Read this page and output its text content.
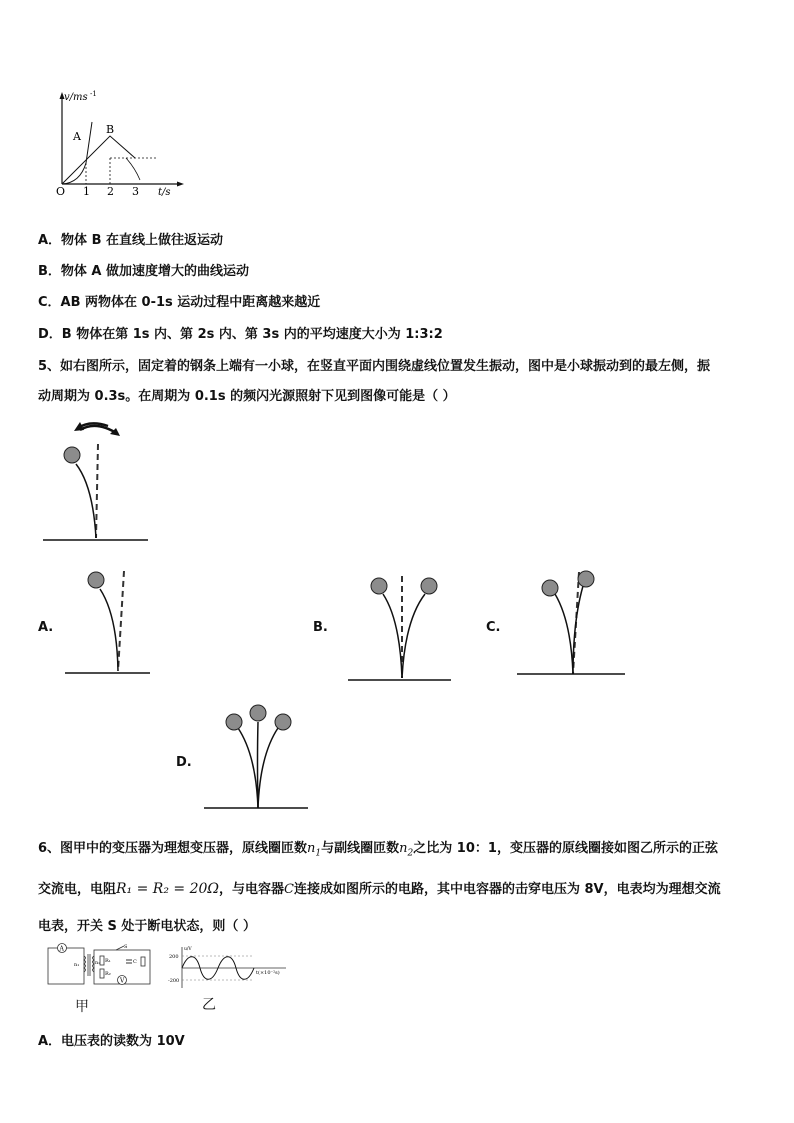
v/ms -1
A
B
O 1 2 3 t/s
A．物体 B 在直线上做往返运动
B．物体 A 做加速度增大的曲线运动
C．AB 两物体在 0-1s 运动过程中距离越来越近
D．B 物体在第 1s 内、第 2s 内、第 3s 内的平均速度大小为 1:3:2
5、如右图所示，固定着的钢条上端有一小球，在竖直平面内围绕虚线位置发生振动，图中是小球振动到的最左侧，振
动周期为 0.3s。在周期为 0.1s 的频闪光源照射下见到图像可能是（ ）
A.	B.	C.
D.
6、图甲中的变压器为理想变压器，原线圈匝数$n_1$与副线圈匝数$n_2$之比为 10：1，变压器的原线圈接如图乙所示的正弦
交流电，电阻R₁ = R₂ = 20Ω，与电容器C连接成如图所示的电路，其中电容器的击穿电压为 8V，电表均为理想交流
电表，开关 S 处于断电状态，则（ ）
A
n₁	n₂ R₁
R₂
S
C
V
甲
u/V
200
-200
t(×10⁻²s)
乙
A．电压表的读数为 10V
